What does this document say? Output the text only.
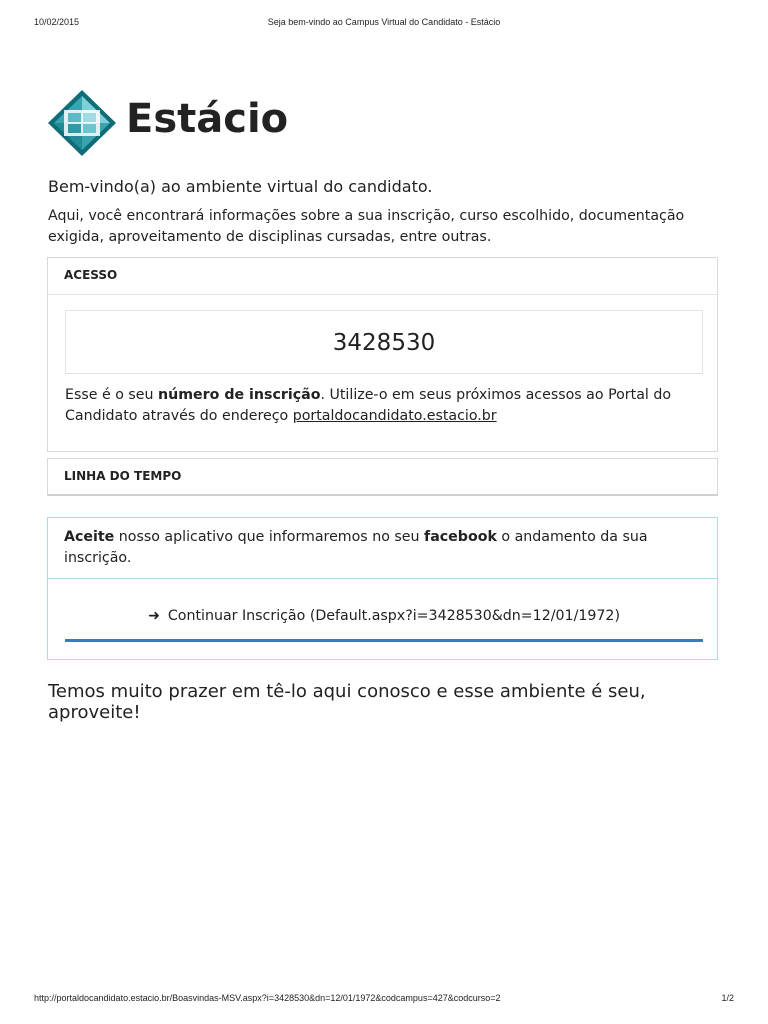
10/02/2015	Seja bem-vindo ao Campus Virtual do Candidato - Estácio
Estácio
Bem-vindo(a) ao ambiente virtual do candidato.
Aqui, você encontrará informações sobre a sua inscrição, curso escolhido, documentação exigida, aproveitamento de disciplinas cursadas, entre outras.
ACESSO
3428530
Esse é o seu número de inscrição. Utilize-o em seus próximos acessos ao Portal do Candidato através do endereço portaldocandidato.estacio.br
LINHA DO TEMPO
Aceite nosso aplicativo que informaremos no seu facebook o andamento da sua inscrição.
➜ Continuar Inscrição (Default.aspx?i=3428530&dn=12/01/1972)
Temos muito prazer em tê-lo aqui conosco e esse ambiente é seu, aproveite!
http://portaldocandidato.estacio.br/Boasvindas-MSV.aspx?i=3428530&dn=12/01/1972&codcampus=427&codcurso=2	1/2
